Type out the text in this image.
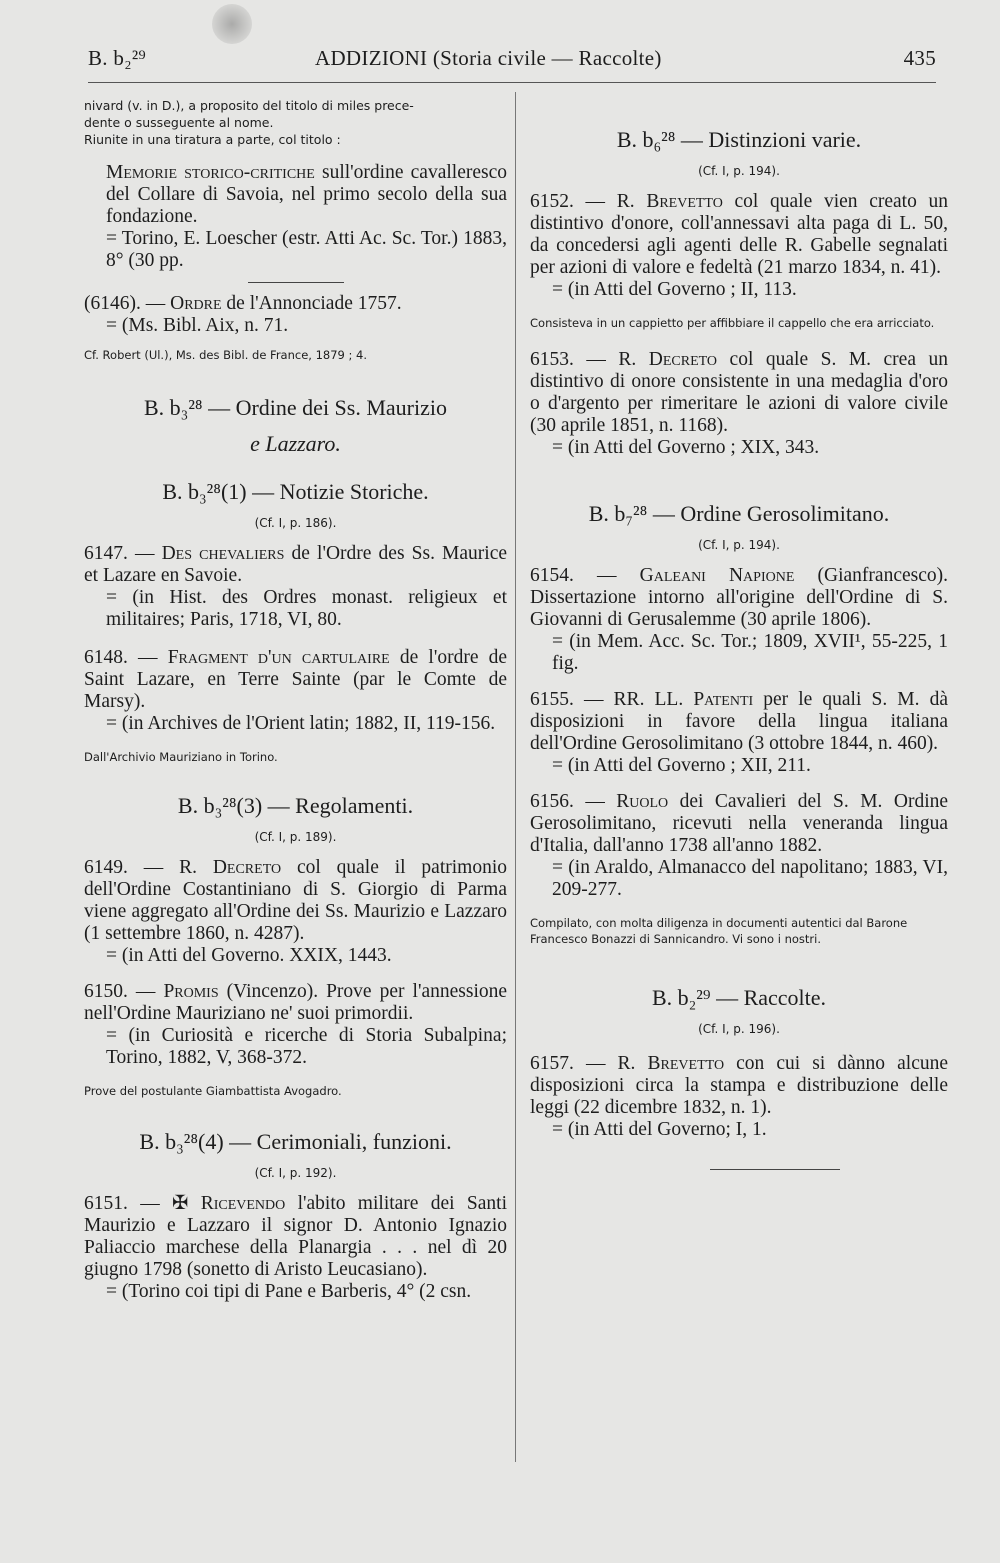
B. b₂²⁹	ADDIZIONI (Storia civile — Raccolte)	435
nivard (v. in D.), a proposito del titolo di miles prece-
dente o susseguente al nome.
Riunite in una tiratura a parte, col titolo :
Memorie storico-critiche sull'ordine cavalleresco del Collare di Savoia, nel primo secolo della sua fondazione.
= Torino, E. Loescher (estr. Atti Ac. Sc. Tor.) 1883, 8° (30 pp.
(6146). — Ordre de l'Annonciade 1757.
= (Ms. Bibl. Aix, n. 71.
Cf. Robert (Ul.), Ms. des Bibl. de France, 1879 ; 4.
B. b₃²⁸ — Ordine dei Ss. Maurizio
e Lazzaro.
B. b₃²⁸(1) — Notizie Storiche.
(Cf. I, p. 186).
6147. — Des chevaliers de l'Ordre des Ss. Maurice et Lazare en Savoie.
= (in Hist. des Ordres monast. religieux et militaires; Paris, 1718, VI, 80.
6148. — Fragment d'un cartulaire de l'ordre de Saint Lazare, en Terre Sainte (par le Comte de Marsy).
= (in Archives de l'Orient latin; 1882, II, 119-156.
Dall'Archivio Mauriziano in Torino.
B. b₃²⁸(3) — Regolamenti.
(Cf. I, p. 189).
6149. — R. Decreto col quale il patrimonio dell'Ordine Costantiniano di S. Giorgio di Parma viene aggregato all'Ordine dei Ss. Maurizio e Lazzaro (1 settembre 1860, n. 4287).
= (in Atti del Governo. XXIX, 1443.
6150. — Promis (Vincenzo). Prove per l'annessione nell'Ordine Mauriziano ne' suoi primordii.
= (in Curiosità e ricerche di Storia Subalpina; Torino, 1882, V, 368-372.
Prove del postulante Giambattista Avogadro.
B. b₃²⁸(4) — Cerimoniali, funzioni.
(Cf. I, p. 192).
6151. — ✠ Ricevendo l'abito militare dei Santi Maurizio e Lazzaro il signor D. Antonio Ignazio Paliaccio marchese della Planargia . . . nel dì 20 giugno 1798 (sonetto di Aristo Leucasiano).
= (Torino coi tipi di Pane e Barberis, 4° (2 csn.
B. b₆²⁸ — Distinzioni varie.
(Cf. I, p. 194).
6152. — R. Brevetto col quale vien creato un distintivo d'onore, coll'annessavi alta paga di L. 50, da concedersi agli agenti delle R. Gabelle segnalati per azioni di valore e fedeltà (21 marzo 1834, n. 41).
= (in Atti del Governo ; II, 113.
Consisteva in un cappietto per affibbiare il cappello che era arricciato.
6153. — R. Decreto col quale S. M. crea un distintivo di onore consistente in una medaglia d'oro o d'argento per rimeritare le azioni di valore civile (30 aprile 1851, n. 1168).
= (in Atti del Governo ; XIX, 343.
B. b₇²⁸ — Ordine Gerosolimitano.
(Cf. I, p. 194).
6154. — Galeani Napione (Gianfrancesco). Dissertazione intorno all'origine dell'Ordine di S. Giovanni di Gerusalemme (30 aprile 1806).
= (in Mem. Acc. Sc. Tor.; 1809, XVII¹, 55-225, 1 fig.
6155. — RR. LL. Patenti per le quali S. M. dà disposizioni in favore della lingua italiana dell'Ordine Gerosolimitano (3 ottobre 1844, n. 460).
= (in Atti del Governo ; XII, 211.
6156. — Ruolo dei Cavalieri del S. M. Ordine Gerosolimitano, ricevuti nella veneranda lingua d'Italia, dall'anno 1738 all'anno 1882.
= (in Araldo, Almanacco del napolitano; 1883, VI, 209-277.
Compilato, con molta diligenza in documenti autentici dal Barone Francesco Bonazzi di Sannicandro. Vi sono i nostri.
B. b₂²⁹ — Raccolte.
(Cf. I, p. 196).
6157. — R. Brevetto con cui si dànno alcune disposizioni circa la stampa e distribuzione delle leggi (22 dicembre 1832, n. 1).
= (in Atti del Governo; I, 1.
